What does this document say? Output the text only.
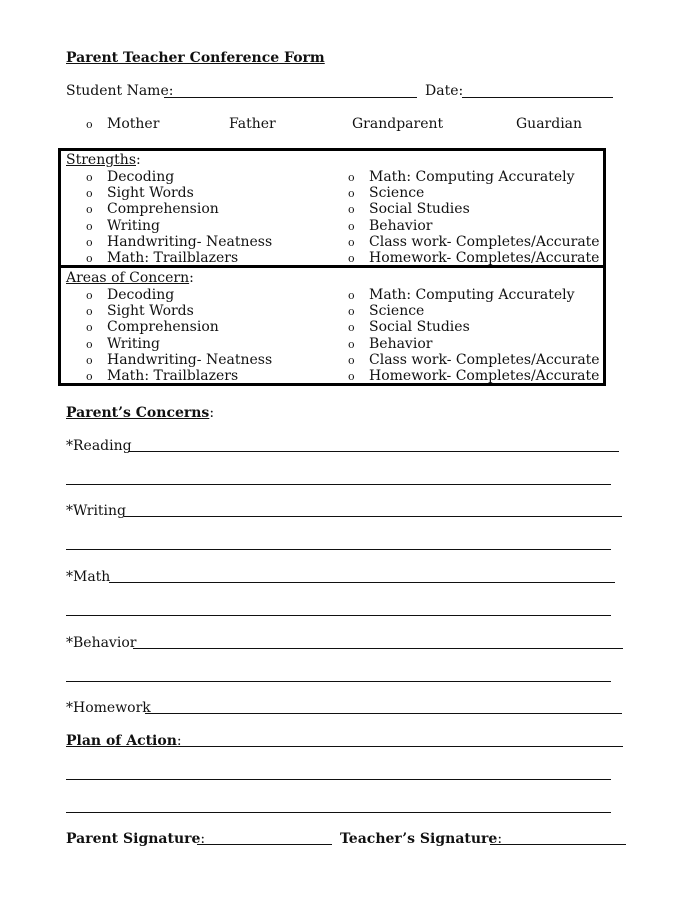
Parent Teacher Conference Form
Student Name:	Date:
o Mother	Father	Grandparent	Guardian
Strengths:
o Decoding
o Sight Words
o Comprehension
o Writing
o Handwriting- Neatness
o Math: Trailblazers
o Math: Computing Accurately
o Science
o Social Studies
o Behavior
o Class work- Completes/Accurate
o Homework- Completes/Accurate
Areas of Concern:
o Decoding
o Sight Words
o Comprehension
o Writing
o Handwriting- Neatness
o Math: Trailblazers
o Math: Computing Accurately
o Science
o Social Studies
o Behavior
o Class work- Completes/Accurate
o Homework- Completes/Accurate
Parent’s Concerns:
*Reading
*Writing
*Math
*Behavior
*Homework
Plan of Action:
Parent Signature:	Teacher’s Signature:
